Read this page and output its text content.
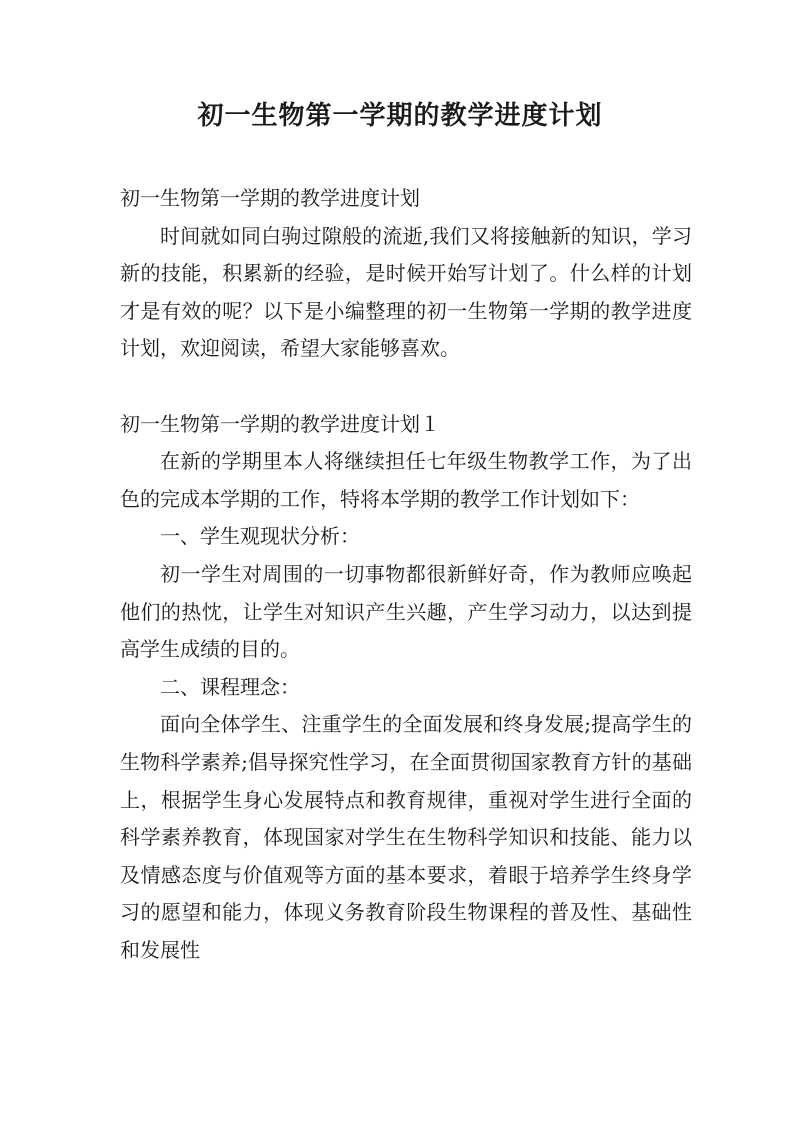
初一生物第一学期的教学进度计划

初一生物第一学期的教学进度计划

时间就如同白驹过隙般的流逝,我们又将接触新的知识，学习新的技能，积累新的经验，是时候开始写计划了。什么样的计划才是有效的呢？以下是小编整理的初一生物第一学期的教学进度计划，欢迎阅读，希望大家能够喜欢。

初一生物第一学期的教学进度计划１

在新的学期里本人将继续担任七年级生物教学工作，为了出色的完成本学期的工作，特将本学期的教学工作计划如下：

一、学生观现状分析：

初一学生对周围的一切事物都很新鲜好奇，作为教师应唤起他们的热忱，让学生对知识产生兴趣，产生学习动力，以达到提高学生成绩的目的。

二、课程理念：

面向全体学生、注重学生的全面发展和终身发展;提高学生的生物科学素养;倡导探究性学习，在全面贯彻国家教育方针的基础上，根据学生身心发展特点和教育规律，重视对学生进行全面的科学素养教育，体现国家对学生在生物科学知识和技能、能力以及情感态度与价值观等方面的基本要求，着眼于培养学生终身学习的愿望和能力，体现义务教育阶段生物课程的普及性、基础性和发展性
